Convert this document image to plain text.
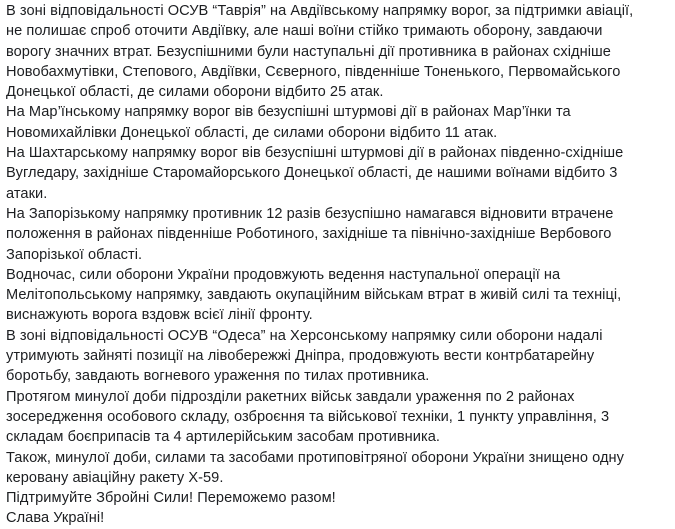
В зоні відповідальності ОСУВ “Таврія” на Авдіївському напрямку ворог, за підтримки авіації,
не полишає спроб оточити Авдіївку, але наші воїни стійко тримають оборону, завдаючи
ворогу значних втрат. Безуспішними були наступальні дії противника в районах східніше
Новобахмутівки, Степового, Авдіївки, Сєверного, південніше Тоненького, Первомайського
Донецької області, де силами оборони відбито 25 атак.
На Мар’їнському напрямку ворог вів безуспішні штурмові дії в районах Мар’їнки та
Новомихайлівки Донецької області, де силами оборони відбито 11 атак.
На Шахтарському напрямку ворог вів безуспішні штурмові дії в районах південно-східніше
Вугледару, західніше Старомайорського Донецької області, де нашими воїнами відбито 3
атаки.
На Запорізькому напрямку противник 12 разів безуспішно намагався відновити втрачене
положення в районах південніше Роботиного, західніше та північно-західніше Вербового
Запорізької області.
Водночас, сили оборони України продовжують ведення наступальної операції на
Мелітопольському напрямку, завдають окупаційним військам втрат в живій силі та техніці,
виснажують ворога вздовж всієї лінії фронту.
В зоні відповідальності ОСУВ “Одеса” на Херсонському напрямку сили оборони надалі
утримують зайняті позиції на лівобережжі Дніпра, продовжують вести контрбатарейну
боротьбу, завдають вогневого ураження по тилах противника.
Протягом минулої доби підрозділи ракетних військ завдали ураження по 2 районах
зосередження особового складу, озброєння та військової техніки, 1 пункту управління, 3
складам боєприпасів та 4 артилерійським засобам противника.
Також, минулої доби, силами та засобами протиповітряної оборони України знищено одну
керовану авіаційну ракету Х-59.
Підтримуйте Збройні Сили! Переможемо разом!
Слава Україні!
